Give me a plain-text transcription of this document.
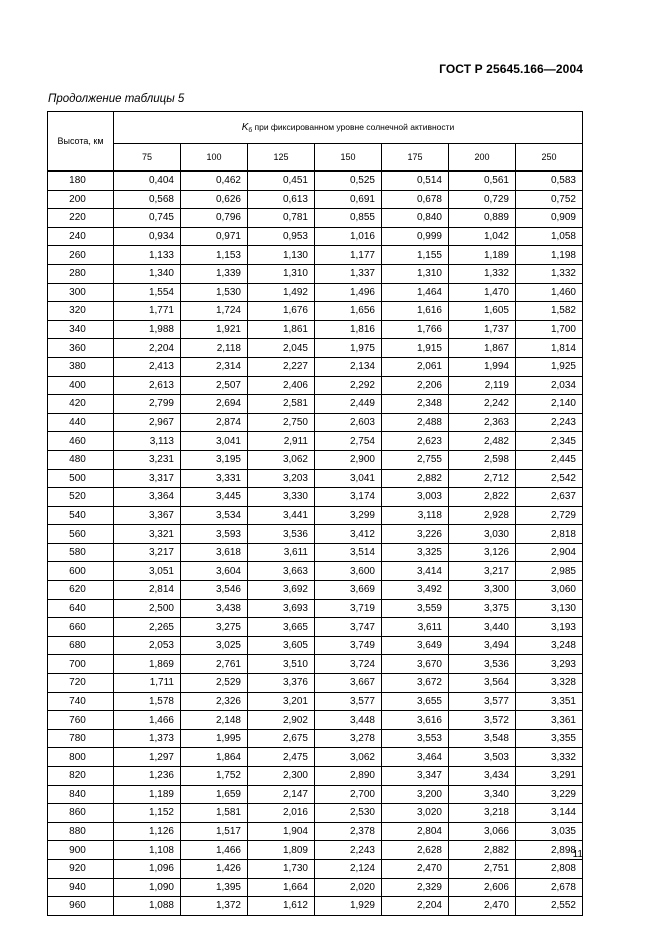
ГОСТ Р 25645.166—2004
Продолжение таблицы 5
Высота, км	$K_б$ при фиксированном уровне солнечной активности						
	75	100	125	150	175	200	250
180	0,404	0,462	0,451	0,525	0,514	0,561	0,583
200	0,568	0,626	0,613	0,691	0,678	0,729	0,752
220	0,745	0,796	0,781	0,855	0,840	0,889	0,909
240	0,934	0,971	0,953	1,016	0,999	1,042	1,058
260	1,133	1,153	1,130	1,177	1,155	1,189	1,198
280	1,340	1,339	1,310	1,337	1,310	1,332	1,332
300	1,554	1,530	1,492	1,496	1,464	1,470	1,460
320	1,771	1,724	1,676	1,656	1,616	1,605	1,582
340	1,988	1,921	1,861	1,816	1,766	1,737	1,700
360	2,204	2,118	2,045	1,975	1,915	1,867	1,814
380	2,413	2,314	2,227	2,134	2,061	1,994	1,925
400	2,613	2,507	2,406	2,292	2,206	2,119	2,034
420	2,799	2,694	2,581	2,449	2,348	2,242	2,140
440	2,967	2,874	2,750	2,603	2,488	2,363	2,243
460	3,113	3,041	2,911	2,754	2,623	2,482	2,345
480	3,231	3,195	3,062	2,900	2,755	2,598	2,445
500	3,317	3,331	3,203	3,041	2,882	2,712	2,542
520	3,364	3,445	3,330	3,174	3,003	2,822	2,637
540	3,367	3,534	3,441	3,299	3,118	2,928	2,729
560	3,321	3,593	3,536	3,412	3,226	3,030	2,818
580	3,217	3,618	3,611	3,514	3,325	3,126	2,904
600	3,051	3,604	3,663	3,600	3,414	3,217	2,985
620	2,814	3,546	3,692	3,669	3,492	3,300	3,060
640	2,500	3,438	3,693	3,719	3,559	3,375	3,130
660	2,265	3,275	3,665	3,747	3,611	3,440	3,193
680	2,053	3,025	3,605	3,749	3,649	3,494	3,248
700	1,869	2,761	3,510	3,724	3,670	3,536	3,293
720	1,711	2,529	3,376	3,667	3,672	3,564	3,328
740	1,578	2,326	3,201	3,577	3,655	3,577	3,351
760	1,466	2,148	2,902	3,448	3,616	3,572	3,361
780	1,373	1,995	2,675	3,278	3,553	3,548	3,355
800	1,297	1,864	2,475	3,062	3,464	3,503	3,332
820	1,236	1,752	2,300	2,890	3,347	3,434	3,291
840	1,189	1,659	2,147	2,700	3,200	3,340	3,229
860	1,152	1,581	2,016	2,530	3,020	3,218	3,144
880	1,126	1,517	1,904	2,378	2,804	3,066	3,035
900	1,108	1,466	1,809	2,243	2,628	2,882	2,898
920	1,096	1,426	1,730	2,124	2,470	2,751	2,808
940	1,090	1,395	1,664	2,020	2,329	2,606	2,678
960	1,088	1,372	1,612	1,929	2,204	2,470	2,552
11
